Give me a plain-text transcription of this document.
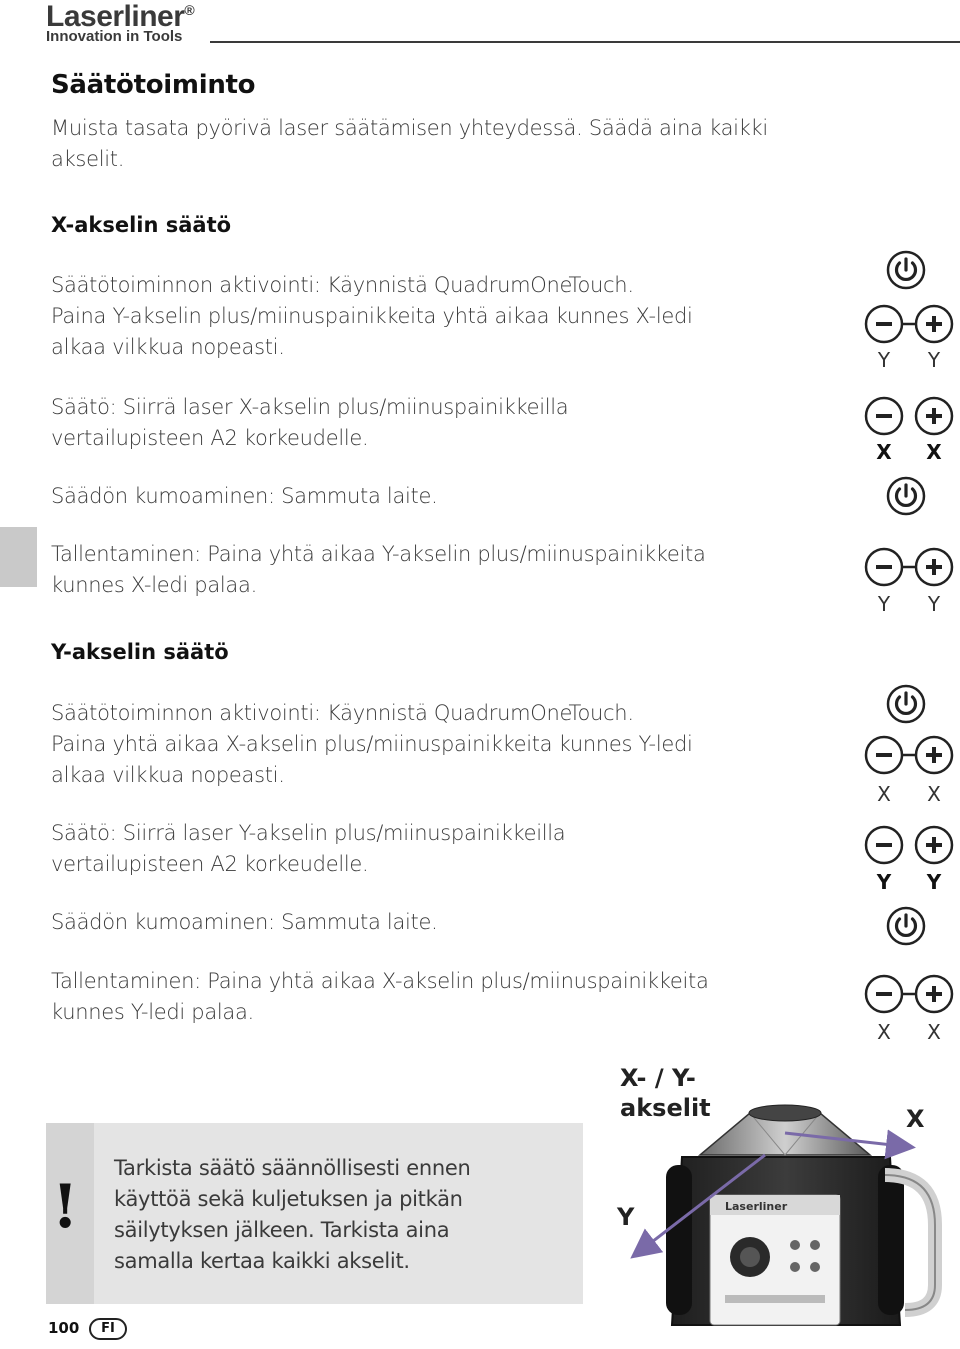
Laserliner®
Innovation in Tools
Säätötoiminto
Muista tasata pyörivä laser säätämisen yhteydessä. Säädä aina kaikki
akselit.
X-akselin säätö
Säätötoiminnon aktivointi: Käynnistä QuadrumOneTouch.
Paina Y-akselin plus/miinuspainikkeita yhtä aikaa kunnes X-ledi
alkaa vilkkua nopeasti.
Säätö: Siirrä laser X-akselin plus/miinuspainikkeilla
vertailupisteen A2 korkeudelle.
Säädön kumoaminen: Sammuta laite.
Tallentaminen: Paina yhtä aikaa Y-akselin plus/miinuspainikkeita
kunnes X-ledi palaa.
Y-akselin säätö
Säätötoiminnon aktivointi: Käynnistä QuadrumOneTouch.
Paina yhtä aikaa X-akselin plus/miinuspainikkeita kunnes Y-ledi
alkaa vilkkua nopeasti.
Säätö: Siirrä laser Y-akselin plus/miinuspainikkeilla
vertailupisteen A2 korkeudelle.
Säädön kumoaminen: Sammuta laite.
Tallentaminen: Paina yhtä aikaa X-akselin plus/miinuspainikkeita
kunnes Y-ledi palaa.
Y	Y
X	X
Y	Y
X	X
Y	Y
X	X
X- / Y-
akselit	X
Y	Laserliner
!
Tarkista säätö säännöllisesti ennen
käyttöä sekä kuljetuksen ja pitkän
säilytyksen jälkeen. Tarkista aina
samalla kertaa kaikki akselit.
100	FI
